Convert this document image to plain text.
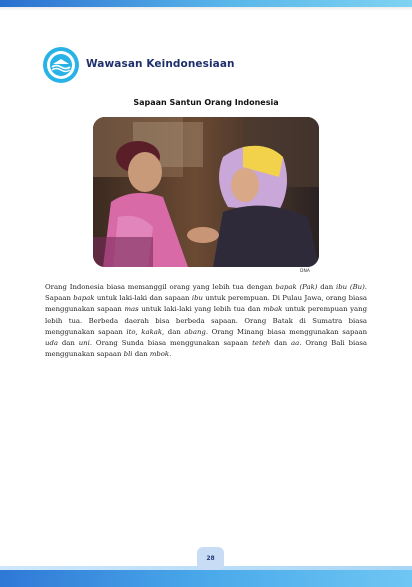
Wawasan Keindonesiaan
Sapaan Santun Orang Indonesia
DNA
Orang Indonesia biasa memanggil orang yang lebih tua dengan bapak (Pak) dan ibu (Bu). Sapaan bapak untuk laki-laki dan sapaan ibu untuk perempuan. Di Pulau Jawa, orang biasa menggunakan sapaan mas untuk laki-laki yang lebih tua dan mbak untuk perempuan yang lebih tua. Berbeda daerah bisa berbeda sapaan. Orang Batak di Sumatra biasa menggunakan sapaan ito, kakak, dan abang. Orang Minang biasa menggunakan sapaan uda dan uni. Orang Sunda biasa menggunakan sapaan teteh dan aa. Orang Bali biasa menggunakan sapaan bli dan mbok.
28
